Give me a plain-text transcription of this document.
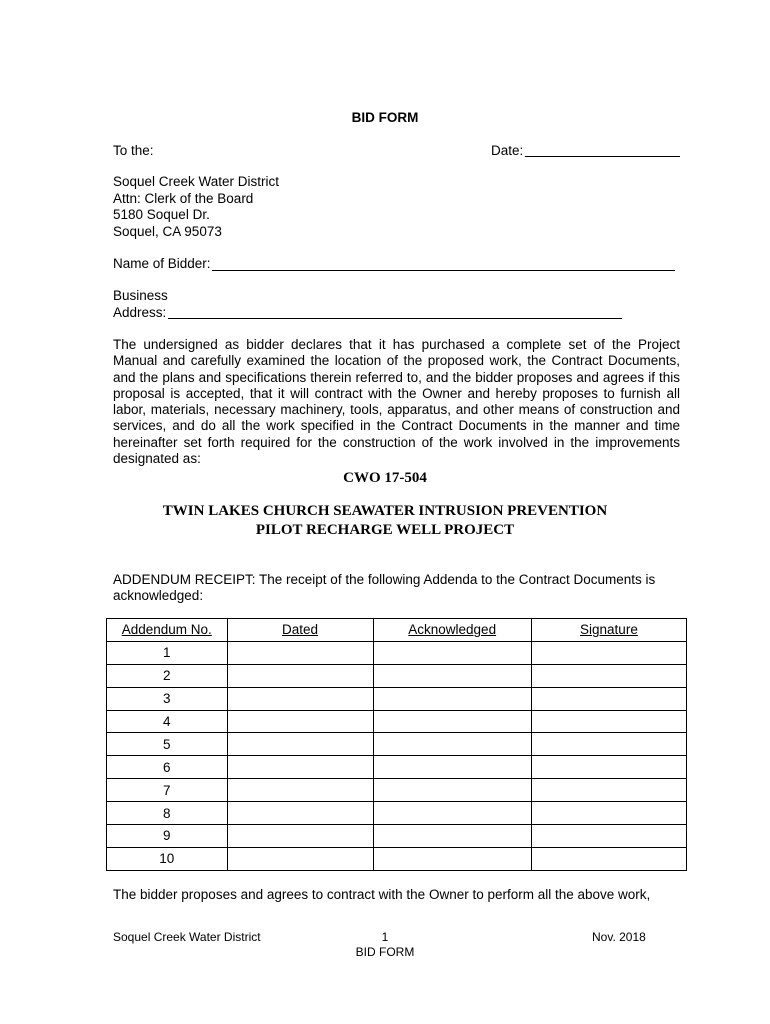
BID FORM
To the:	Date:
Soquel Creek Water District
Attn: Clerk of the Board
5180 Soquel Dr.
Soquel, CA 95073
Name of Bidder:
Business
Address:
The undersigned as bidder declares that it has purchased a complete set of the Project Manual and carefully examined the location of the proposed work, the Contract Documents, and the plans and specifications therein referred to, and the bidder proposes and agrees if this proposal is accepted, that it will contract with the Owner and hereby proposes to furnish all labor, materials, necessary machinery, tools, apparatus, and other means of construction and services, and do all the work specified in the Contract Documents in the manner and time hereinafter set forth required for the construction of the work involved in the improvements designated as:
CWO 17-504
TWIN LAKES CHURCH SEAWATER INTRUSION PREVENTION
PILOT RECHARGE WELL PROJECT
ADDENDUM RECEIPT: The receipt of the following Addenda to the Contract Documents is acknowledged:
Addendum No.	Dated	Acknowledged	Signature
1			
2			
3			
4			
5			
6			
7			
8			
9			
10			
The bidder proposes and agrees to contract with the Owner to perform all the above work,
Soquel Creek Water District	1
BID FORM
Nov. 2018
